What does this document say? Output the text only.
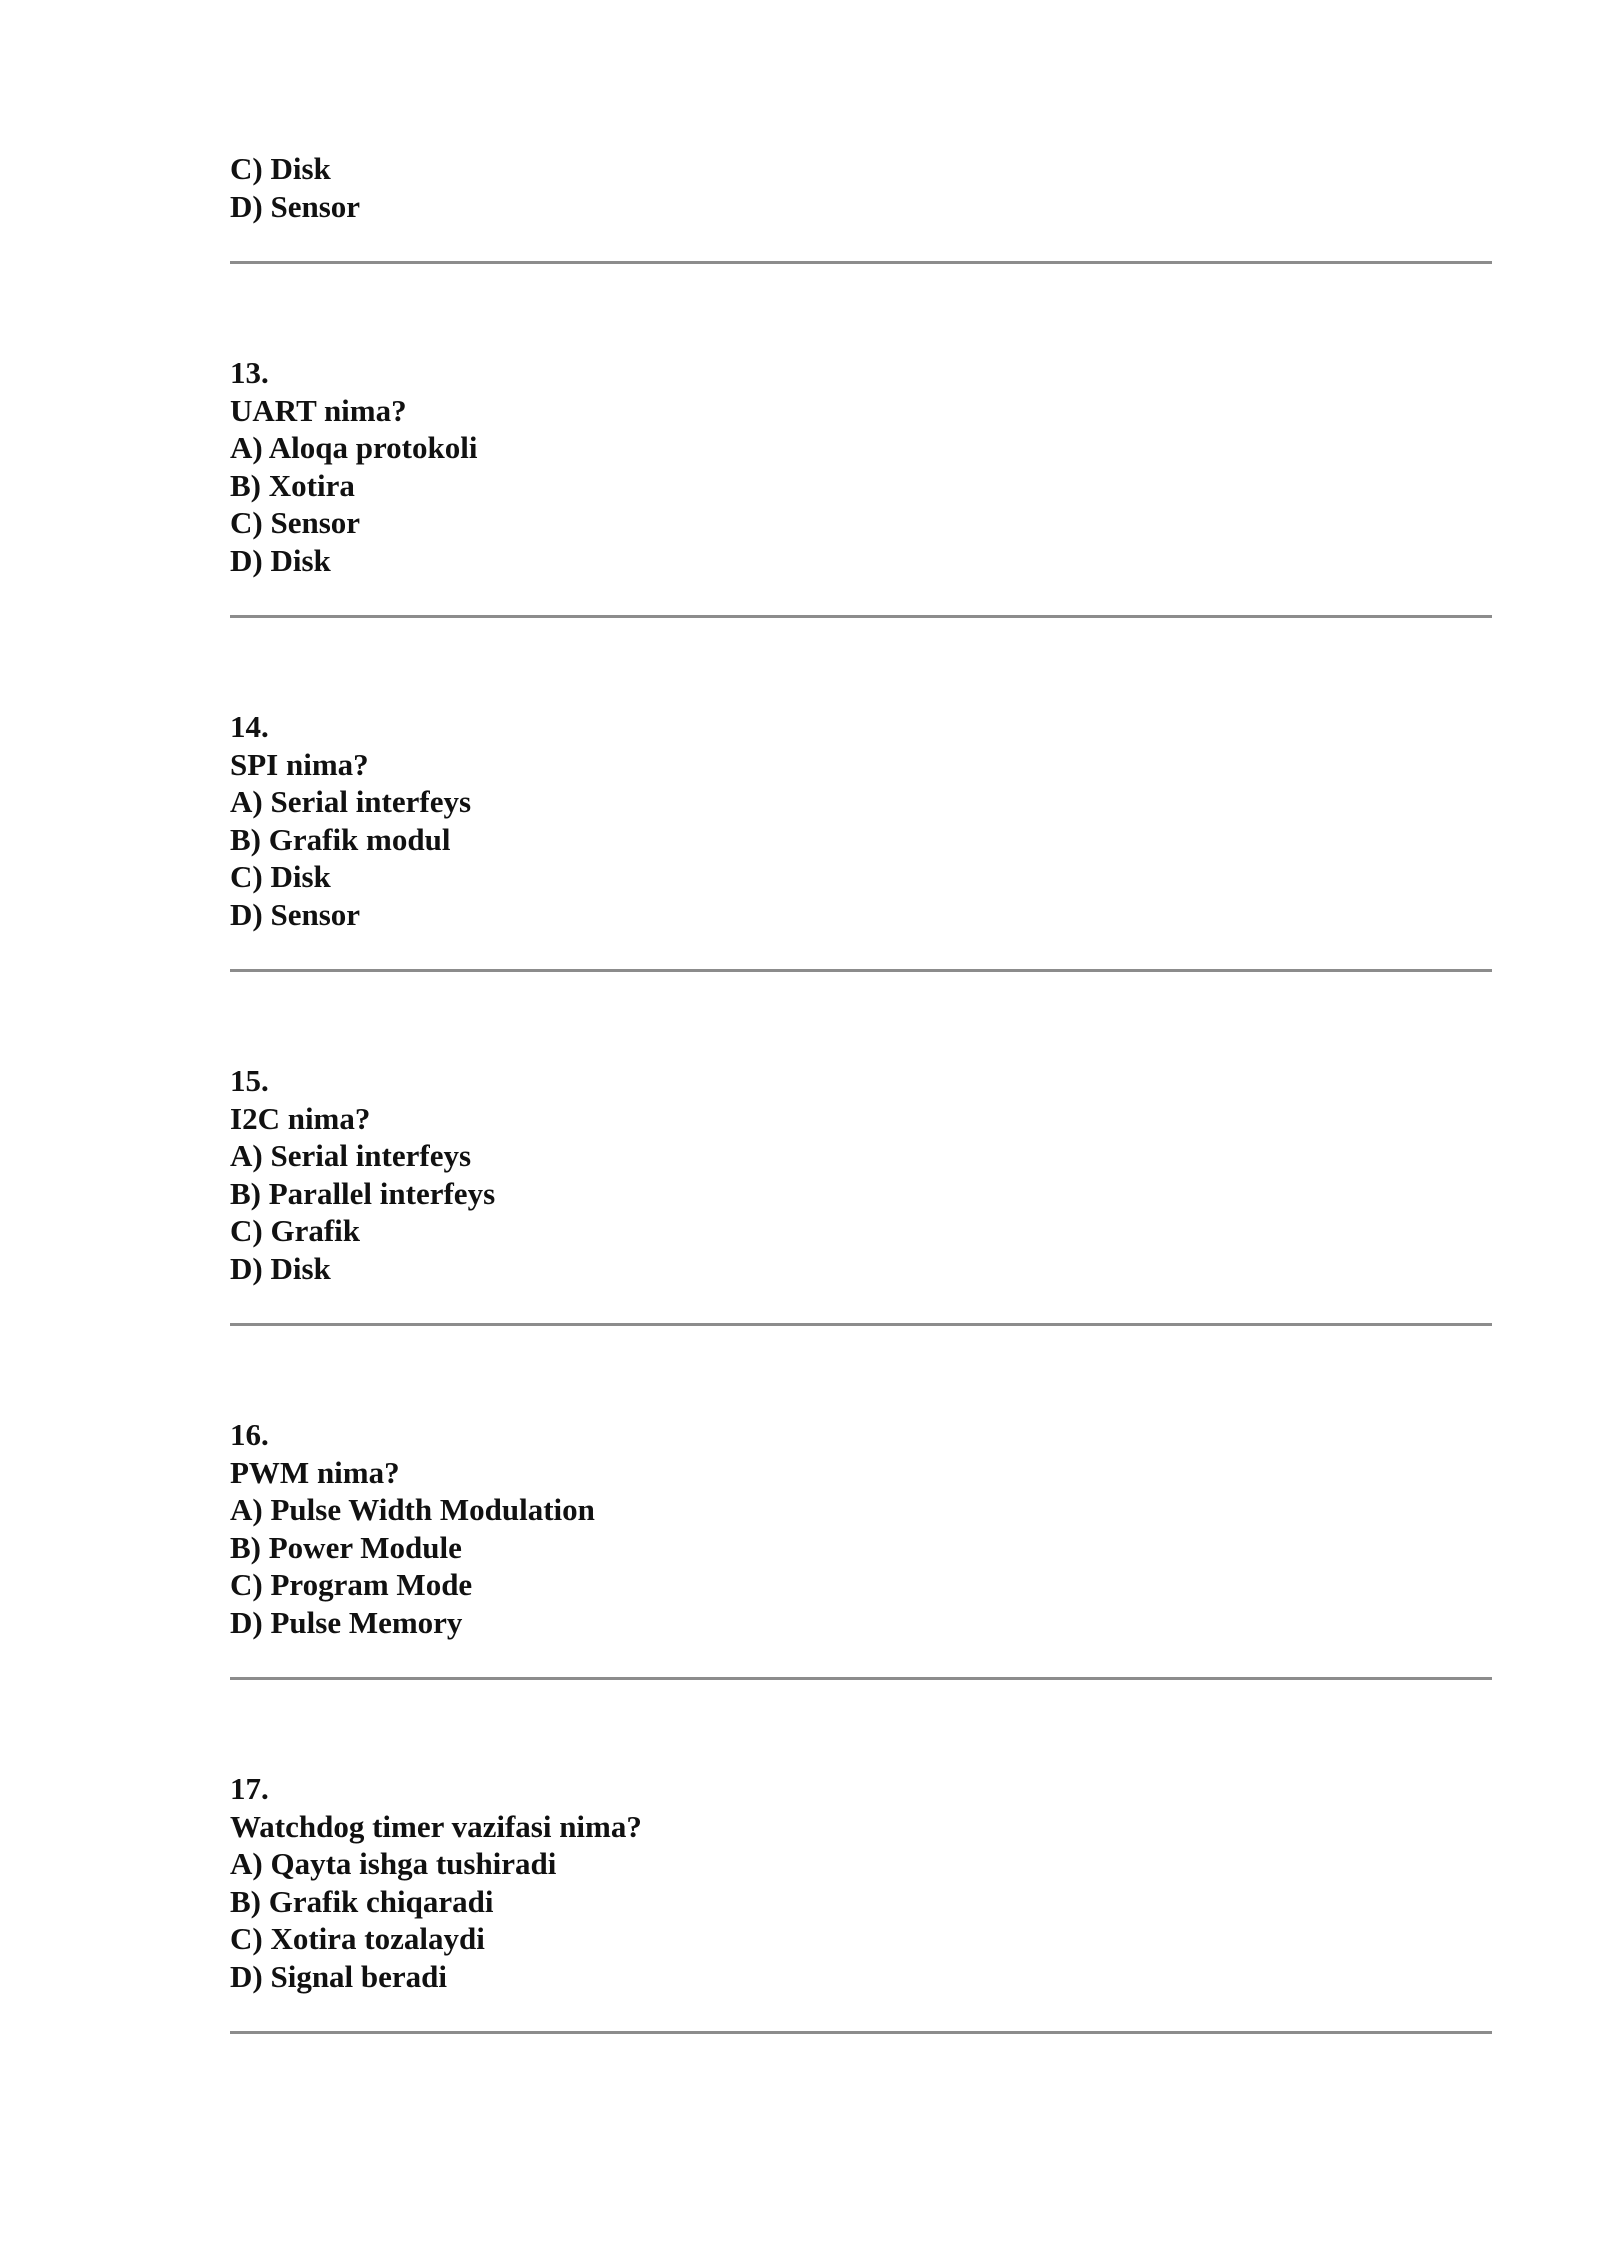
C) Disk
D) Sensor
13.
UART nima?
A) Aloqa protokoli
B) Xotira
C) Sensor
D) Disk
14.
SPI nima?
A) Serial interfeys
B) Grafik modul
C) Disk
D) Sensor
15.
I2C nima?
A) Serial interfeys
B) Parallel interfeys
C) Grafik
D) Disk
16.
PWM nima?
A) Pulse Width Modulation
B) Power Module
C) Program Mode
D) Pulse Memory
17.
Watchdog timer vazifasi nima?
A) Qayta ishga tushiradi
B) Grafik chiqaradi
C) Xotira tozalaydi
D) Signal beradi
